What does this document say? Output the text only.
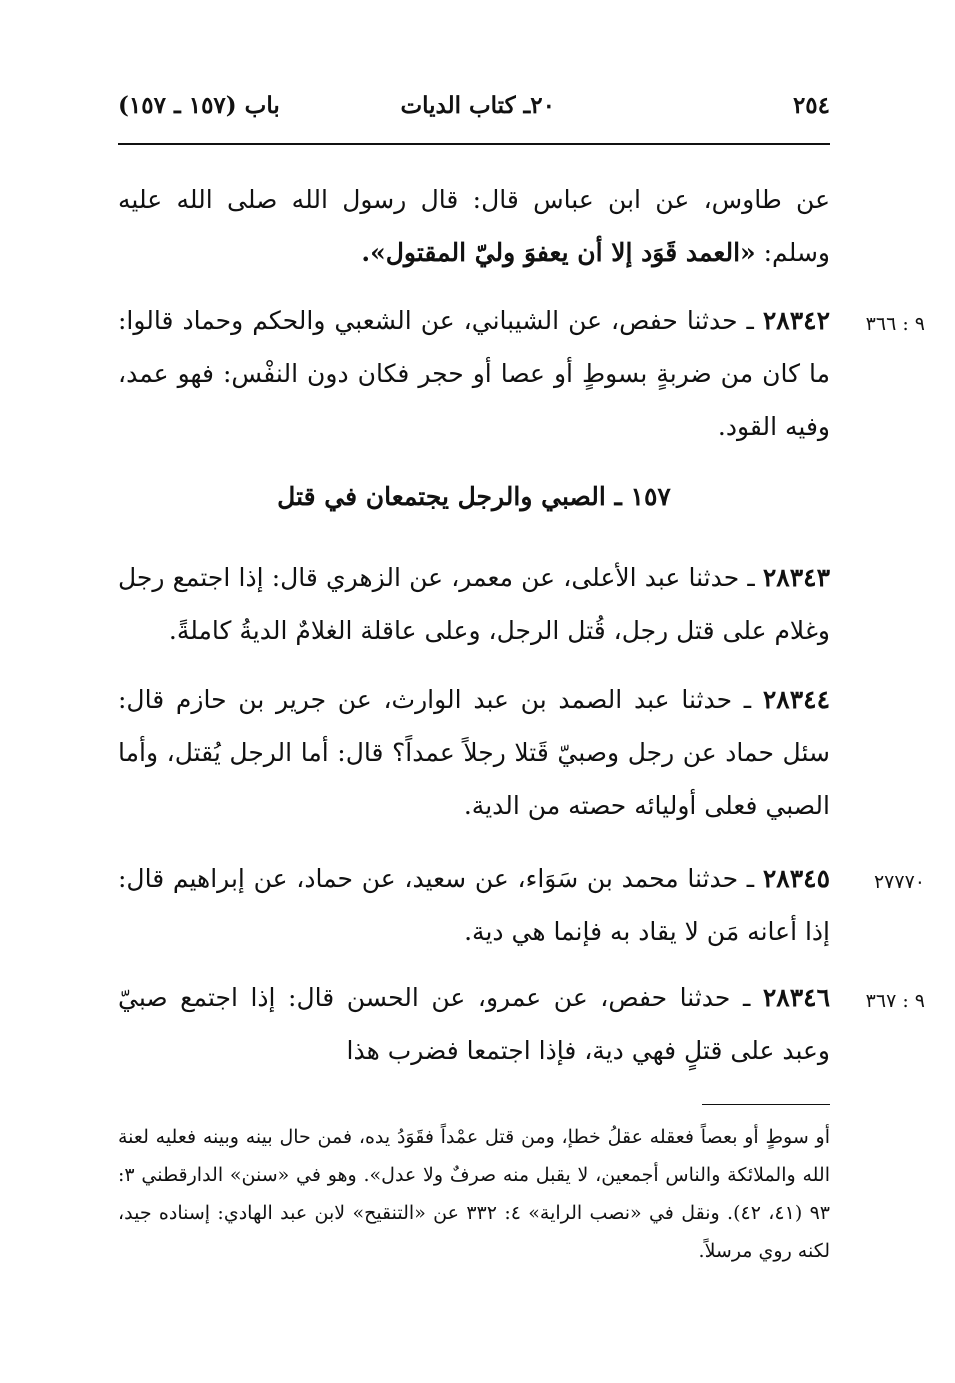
٢٥٤
٢٠ـ كتاب الديات
باب (١٥٧ ـ ١٥٧)

عن طاوس، عن ابن عباس قال: قال رسول الله صلى الله عليه وسلم: «العمد قَوَد إلا أن يعفوَ وليّ المقتول».

٩ : ٣٦٦

٢٨٣٤٢ ـ حدثنا حفص، عن الشيباني، عن الشعبي والحكم وحماد قالوا: ما كان من ضربةٍ بسوطٍ أو عصا أو حجر فكان دون النفْس: فهو عمد، وفيه القود.

١٥٧ ـ الصبي والرجل يجتمعان في قتل

٢٨٣٤٣ ـ حدثنا عبد الأعلى، عن معمر، عن الزهري قال: إذا اجتمع رجل وغلام على قتل رجل، قُتل الرجل، وعلى عاقلة الغلامٌ الديةُ كاملةً.

٢٨٣٤٤ ـ حدثنا عبد الصمد بن عبد الوارث، عن جرير بن حازم قال: سئل حماد عن رجل وصبيّ قَتلا رجلاً عمداً؟ قال: أما الرجل يُقتل، وأما الصبي فعلى أوليائه حصته من الدية.

٢٧٧٧٠

٢٨٣٤٥ ـ حدثنا محمد بن سَوَاء، عن سعيد، عن حماد، عن إبراهيم قال: إذا أعانه مَن لا يقاد به فإنما هي دية.

٩ : ٣٦٧

٢٨٣٤٦ ـ حدثنا حفص، عن عمرو، عن الحسن قال: إذا اجتمع صبيّ وعبد على قتلٍ فهي دية، فإذا اجتمعا فضرب هذا

أو سوطٍ أو بعصاً فعقله عقلُ خطإ، ومن قتل عمْداً فقَوَدُ يده، فمن حال بينه وبينه فعليه لعنة الله والملائكة والناس أجمعين، لا يقبل منه صرفٌ ولا عدل». وهو في «سنن» الدارقطني ٣: ٩٣ (٤١، ٤٢). ونقل في «نصب الراية» ٤: ٣٣٢ عن «التنقيح» لابن عبد الهادي: إسناده جيد، لكنه روي مرسلاً.
